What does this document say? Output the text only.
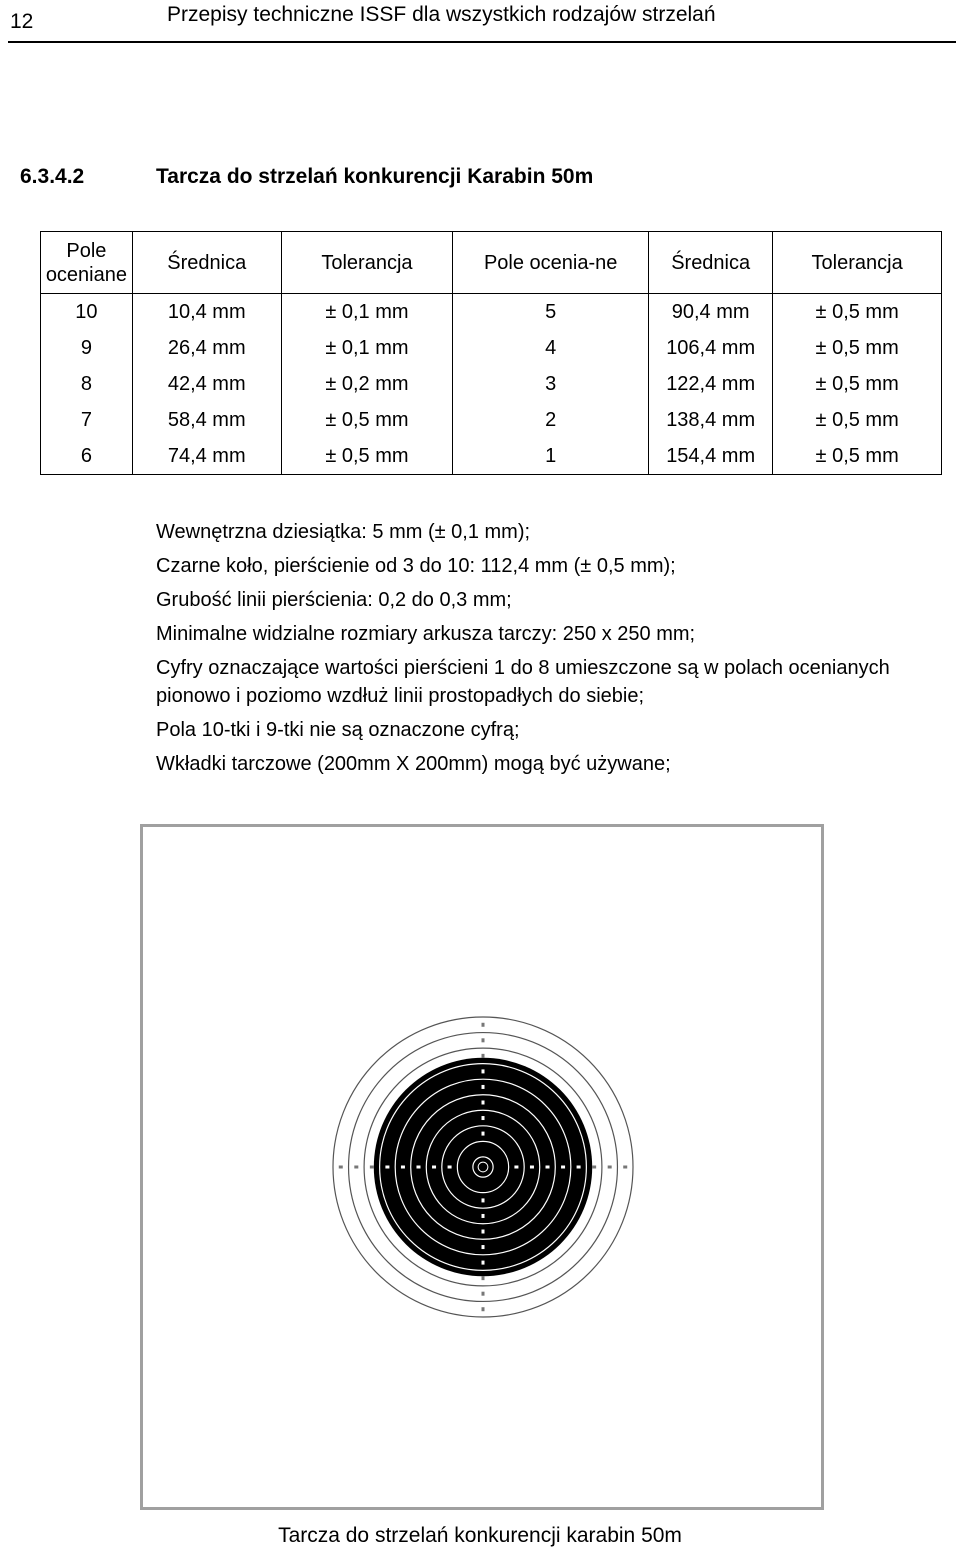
12	Przepisy techniczne ISSF dla wszystkich rodzajów strzelań
6.3.4.2	Tarcza do strzelań konkurencji Karabin 50m
Pole oceniane	Średnica	Tolerancja	Pole ocenia-ne	Średnica	Tolerancja
10	10,4 mm	± 0,1 mm	5	90,4 mm	± 0,5 mm
9	26,4 mm	± 0,1 mm	4	106,4 mm	± 0,5 mm
8	42,4 mm	± 0,2 mm	3	122,4 mm	± 0,5 mm
7	58,4 mm	± 0,5 mm	2	138,4 mm	± 0,5 mm
6	74,4 mm	± 0,5 mm	1	154,4 mm	± 0,5 mm

Wewnętrzna dziesiątka: 5 mm (± 0,1 mm);

Czarne koło, pierścienie od 3 do 10: 112,4 mm (± 0,5 mm);

Grubość linii pierścienia: 0,2 do 0,3 mm;

Minimalne widzialne rozmiary arkusza tarczy: 250 x 250 mm;

Cyfry oznaczające wartości pierścieni 1 do 8 umieszczone są w polach ocenianych pionowo i poziomo wzdłuż linii prostopadłych do siebie;

Pola 10-tki i 9-tki nie są oznaczone cyfrą;

Wkładki tarczowe (200mm X 200mm) mogą być używane;

Tarcza do strzelań konkurencji karabin 50m
